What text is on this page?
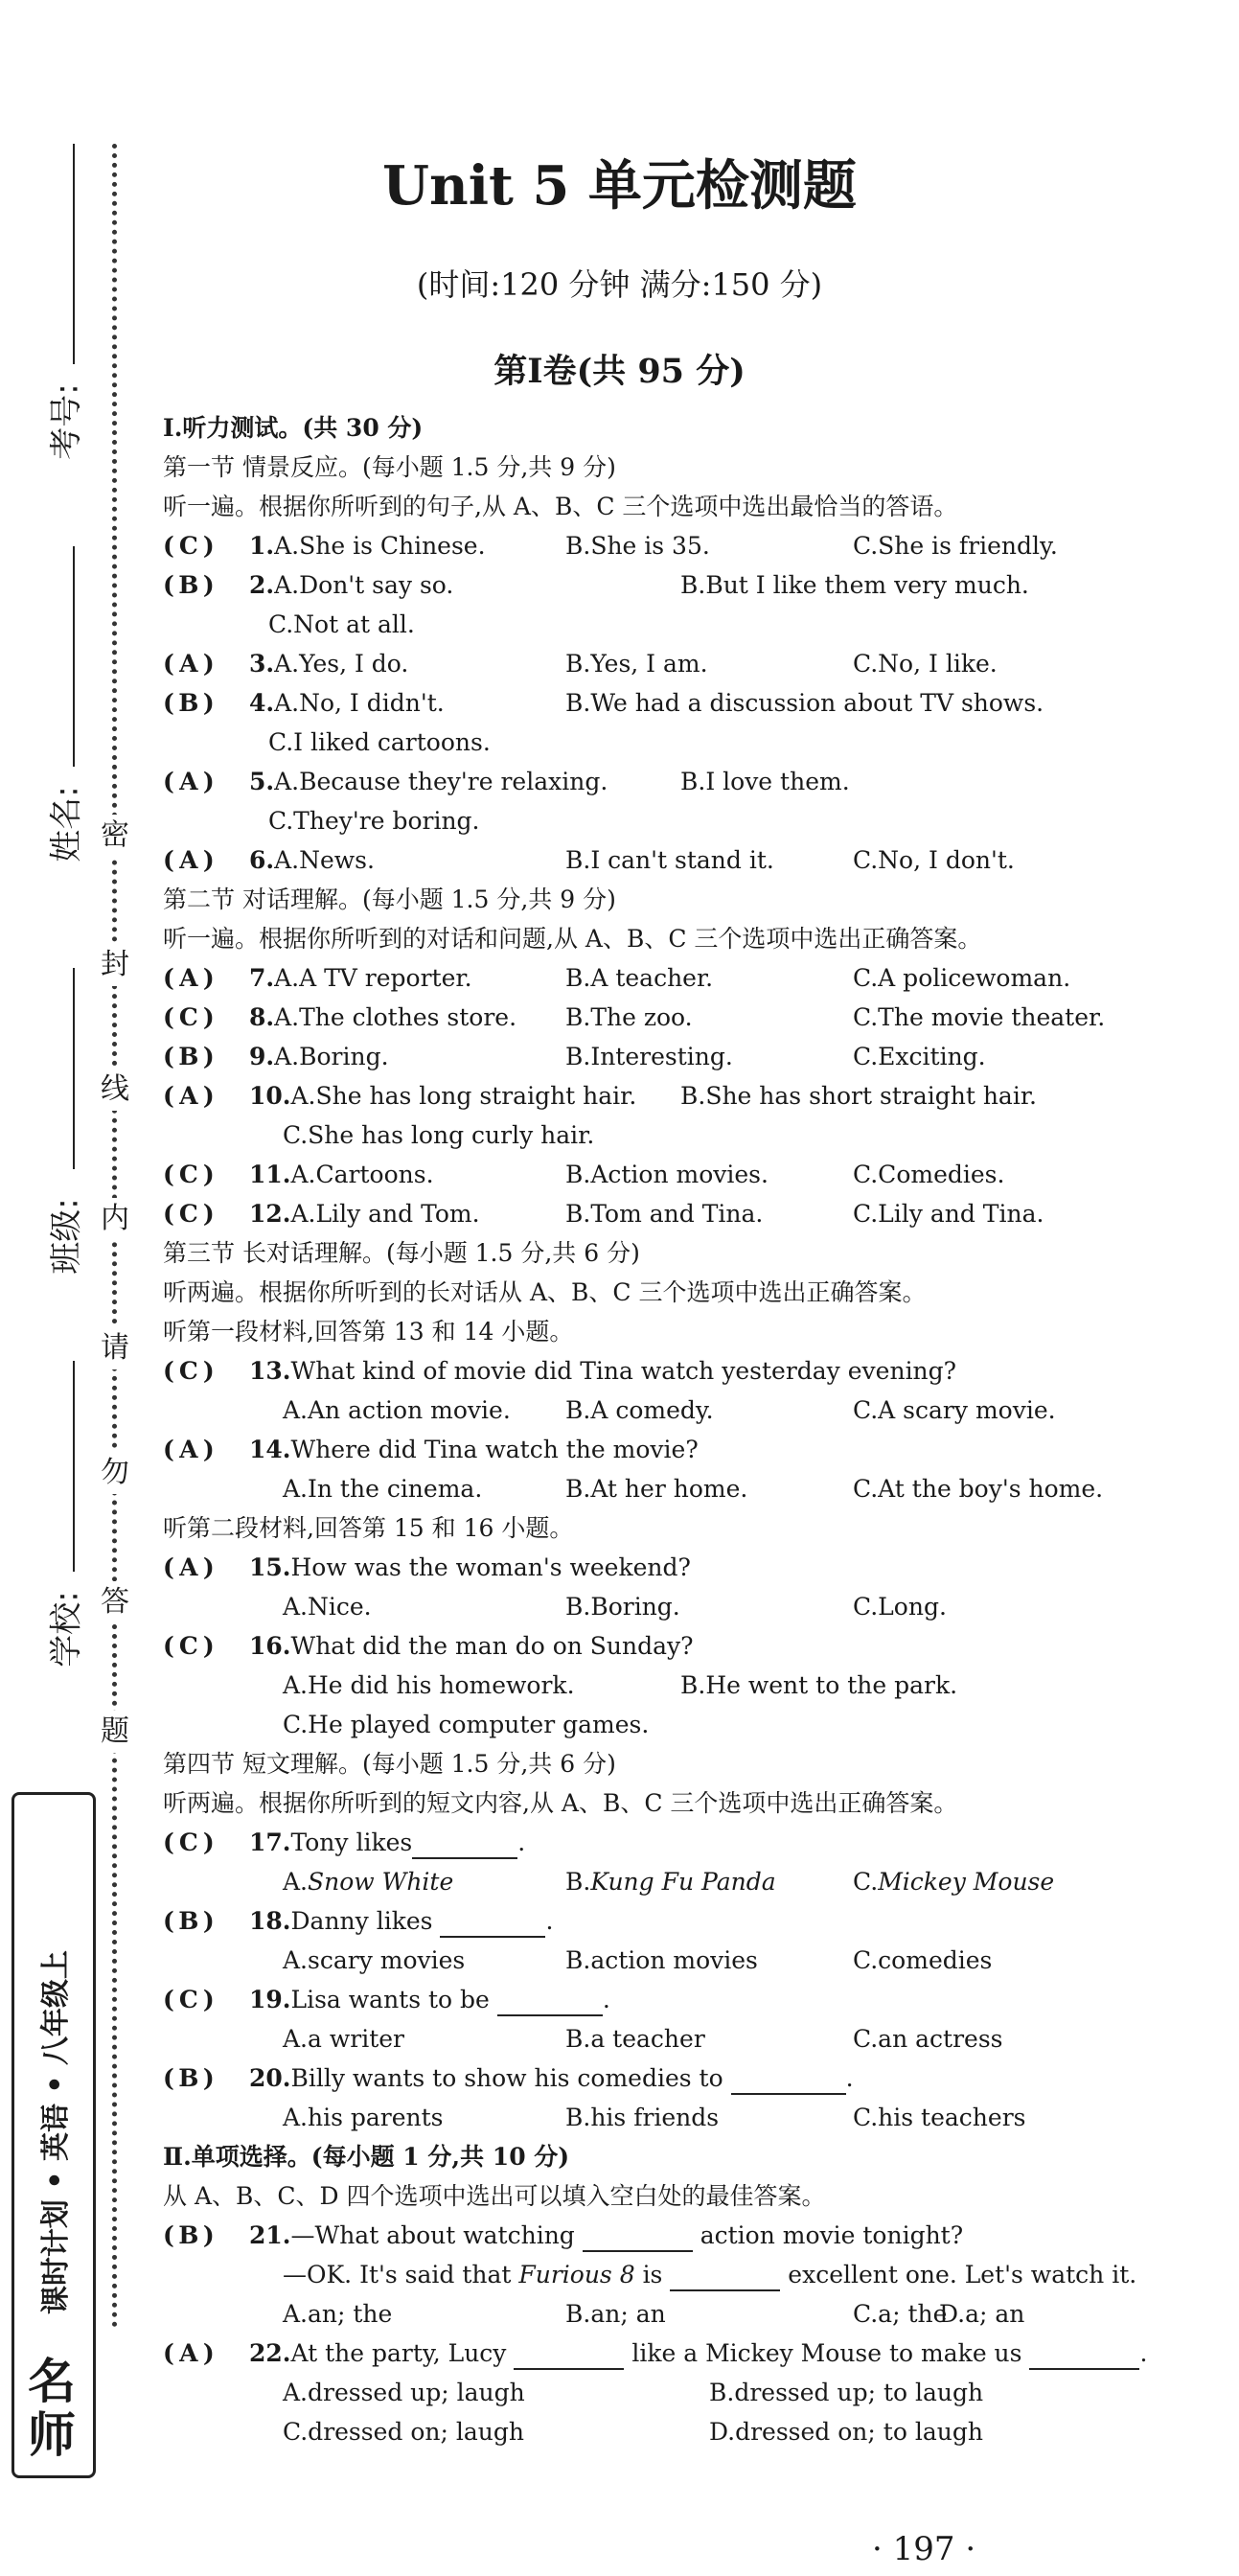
考号:
姓名:
班级:
学校:
密
封
线
内
请
勿
答
题
课时计划 • 英语 • 八年级上
名师
Unit 5 单元检测题
(时间:120 分钟 满分:150 分)
第Ⅰ卷(共 95 分)
Ⅰ.听力测试。(共 30 分)
第一节 情景反应。(每小题 1.5 分,共 9 分)
听一遍。根据你所听到的句子,从 A、B、C 三个选项中选出最恰当的答语。
( C )	1.A.She is Chinese.	B.She is 35.	C.She is friendly.
( B )	2.A.Don't say so.	B.But I like them very much.
C.Not at all.
( A )	3.A.Yes, I do.	B.Yes, I am.	C.No, I like.
( B )	4.A.No, I didn't.	B.We had a discussion about TV shows.
C.I liked cartoons.
( A )	5.A.Because they're relaxing.	B.I love them.
C.They're boring.
( A )	6.A.News.	B.I can't stand it.	C.No, I don't.
第二节 对话理解。(每小题 1.5 分,共 9 分)
听一遍。根据你所听到的对话和问题,从 A、B、C 三个选项中选出正确答案。
( A )	7.A.A TV reporter.	B.A teacher.	C.A policewoman.
( C )	8.A.The clothes store. B.The zoo.	C.The movie theater.
( B )	9.A.Boring.	B.Interesting.	C.Exciting.
( A )	10.A.She has long straight hair. B.She has short straight hair.
C.She has long curly hair.
( C )	11.A.Cartoons.	B.Action movies.	C.Comedies.
( C )	12.A.Lily and Tom.	B.Tom and Tina.	C.Lily and Tina.
第三节 长对话理解。(每小题 1.5 分,共 6 分)
听两遍。根据你所听到的长对话从 A、B、C 三个选项中选出正确答案。
听第一段材料,回答第 13 和 14 小题。
( C )	13.What kind of movie did Tina watch yesterday evening?
A.An action movie. B.A comedy.	C.A scary movie.
( A )	14.Where did Tina watch the movie?
A.In the cinema.	B.At her home.	C.At the boy's home.
听第二段材料,回答第 15 和 16 小题。
( A )	15.How was the woman's weekend?
A.Nice.	B.Boring.	C.Long.
( C )	16.What did the man do on Sunday?
A.He did his homework.	B.He went to the park.
C.He played computer games.
第四节 短文理解。(每小题 1.5 分,共 6 分)
听两遍。根据你所听到的短文内容,从 A、B、C 三个选项中选出正确答案。
( C )	17.Tony likes	.
A.Snow White	B.Kung Fu Panda	C.Mickey Mouse
( B )	18.Danny likes	.
A.scary movies	B.action movies	C.comedies
( C )	19.Lisa wants to be	.
A.a writer	B.a teacher	C.an actress
( B )	20.Billy wants to show his comedies to	.
A.his parents	B.his friends	C.his teachers
Ⅱ.单项选择。(每小题 1 分,共 10 分)
从 A、B、C、D 四个选项中选出可以填入空白处的最佳答案。
( B )	21.—What about watching	action movie tonight?
—OK. It's said that Furious 8 is	excellent one. Let's watch it.
A.an; the	B.an; an	C.a; the
D.a; an
( A )	22.At the party, Lucy	like a Mickey Mouse to make us	.
A.dressed up; laugh	B.dressed up; to laugh
C.dressed on; laugh	D.dressed on; to laugh
· 197 ·
